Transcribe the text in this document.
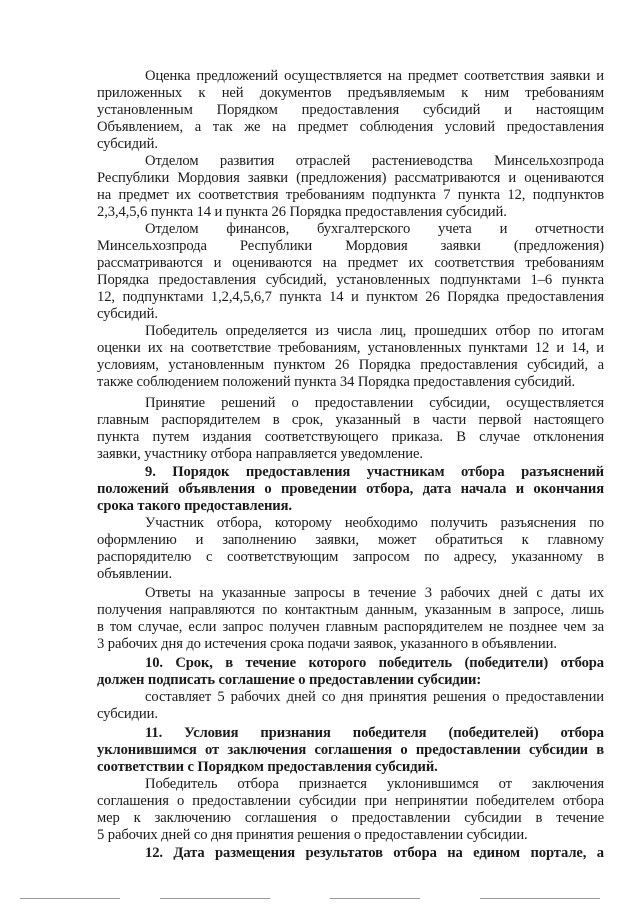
Оценка предложений осуществляется на предмет соответствия заявки и
приложенных к ней документов предъявляемым к ним требованиям
установленным Порядком предоставления субсидий и настоящим
Объявлением, а так же на предмет соблюдения условий предоставления
субсидий.
Отделом развития отраслей растениеводства Минсельхозпрода
Республики Мордовия заявки (предложения) рассматриваются и оцениваются
на предмет их соответствия требованиям подпункта 7 пункта 12, подпунктов
2,3,4,5,6 пункта 14 и пункта 26 Порядка предоставления субсидий.
Отделом финансов, бухгалтерского учета и отчетности
Минсельхозпрода Республики Мордовия заявки (предложения)
рассматриваются и оцениваются на предмет их соответствия требованиям
Порядка предоставления субсидий, установленных подпунктами 1–6 пункта
12, подпунктами 1,2,4,5,6,7 пункта 14 и пунктом 26 Порядка предоставления
субсидий.
Победитель определяется из числа лиц, прошедших отбор по итогам
оценки их на соответствие требованиям, установленных пунктами 12 и 14, и
условиям, установленным пунктом 26 Порядка предоставления субсидий, а
также соблюдением положений пункта 34 Порядка предоставления субсидий.
Принятие решений о предоставлении субсидии, осуществляется
главным распорядителем в срок, указанный в части первой настоящего
пункта путем издания соответствующего приказа. В случае отклонения
заявки, участнику отбора направляется уведомление.
9. Порядок предоставления участникам отбора разъяснений
положений объявления о проведении отбора, дата начала и окончания
срока такого предоставления.
Участник отбора, которому необходимо получить разъяснения по
оформлению и заполнению заявки, может обратиться к главному
распорядителю с соответствующим запросом по адресу, указанному в
объявлении.
Ответы на указанные запросы в течение 3 рабочих дней с даты их
получения направляются по контактным данным, указанным в запросе, лишь
в том случае, если запрос получен главным распорядителем не позднее чем за
3 рабочих дня до истечения срока подачи заявок, указанного в объявлении.
10. Срок, в течение которого победитель (победители) отбора
должен подписать соглашение о предоставлении субсидии:
составляет 5 рабочих дней со дня принятия решения о предоставлении
субсидии.
11. Условия признания победителя (победителей) отбора
уклонившимся от заключения соглашения о предоставлении субсидии в
соответствии с Порядком предоставления субсидий.
Победитель отбора признается уклонившимся от заключения
соглашения о предоставлении субсидии при непринятии победителем отбора
мер к заключению соглашения о предоставлении субсидии в течение
5 рабочих дней со дня принятия решения о предоставлении субсидии.
12. Дата размещения результатов отбора на едином портале, а
